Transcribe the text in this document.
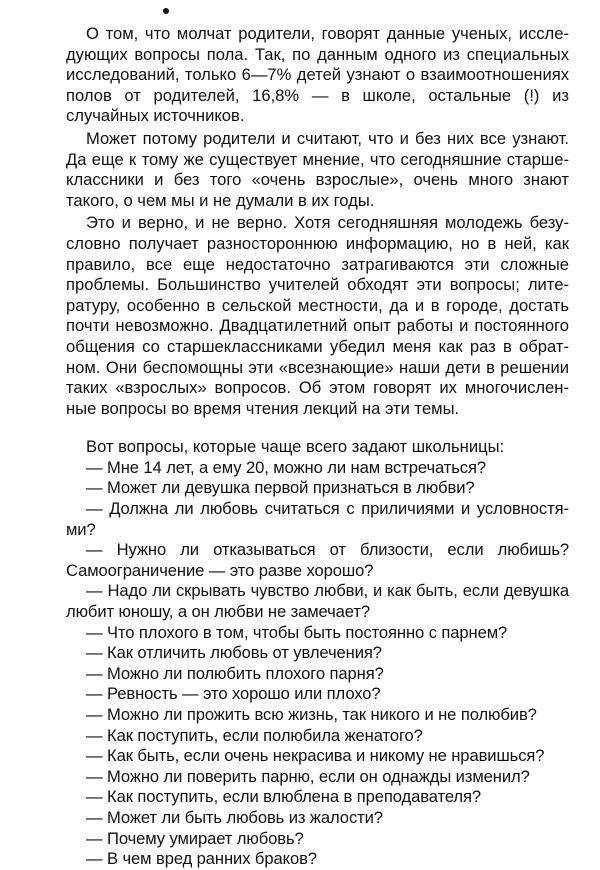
О том, что молчат родители, говорят данные ученых, исследующих вопросы пола. Так, по данным одного из специальных исследований, только 6—7% детей узнают о взаимоотношениях полов от родителей, 16,8% — в школе, остальные (!) из случайных источников.

Может потому родители и считают, что и без них все узнают. Да еще к тому же существует мнение, что сегодняшние старшеклассники и без того «очень взрослые», очень много знают такого, о чем мы и не думали в их годы.

Это и верно, и не верно. Хотя сегодняшняя молодежь безусловно получает разностороннюю информацию, но в ней, как правило, все еще недостаточно затрагиваются эти сложные проблемы. Большинство учителей обходят эти вопросы; литературу, особенно в сельской местности, да и в городе, достать почти невозможно. Двадцатилетний опыт работы и постоянного общения со старшеклассниками убедил меня как раз в обратном. Они беспомощны эти «всезнающие» наши дети в решении таких «взрослых» вопросов. Об этом говорят их многочисленные вопросы во время чтения лекций на эти темы.

Вот вопросы, которые чаще всего задают школьницы:

— Мне 14 лет, а ему 20, можно ли нам встречаться?

— Может ли девушка первой признаться в любви?

— Должна ли любовь считаться с приличиями и условностями?

— Нужно ли отказываться от близости, если любишь? Самоограничение — это разве хорошо?

— Надо ли скрывать чувство любви, и как быть, если девушка любит юношу, а он любви не замечает?

— Что плохого в том, чтобы быть постоянно с парнем?

— Как отличить любовь от увлечения?

— Можно ли полюбить плохого парня?

— Ревность — это хорошо или плохо?

— Можно ли прожить всю жизнь, так никого и не полюбив?

— Как поступить, если полюбила женатого?

— Как быть, если очень некрасива и никому не нравишься?

— Можно ли поверить парню, если он однажды изменил?

— Как поступить, если влюблена в преподавателя?

— Может ли быть любовь из жалости?

— Почему умирает любовь?

— В чем вред ранних браков?
